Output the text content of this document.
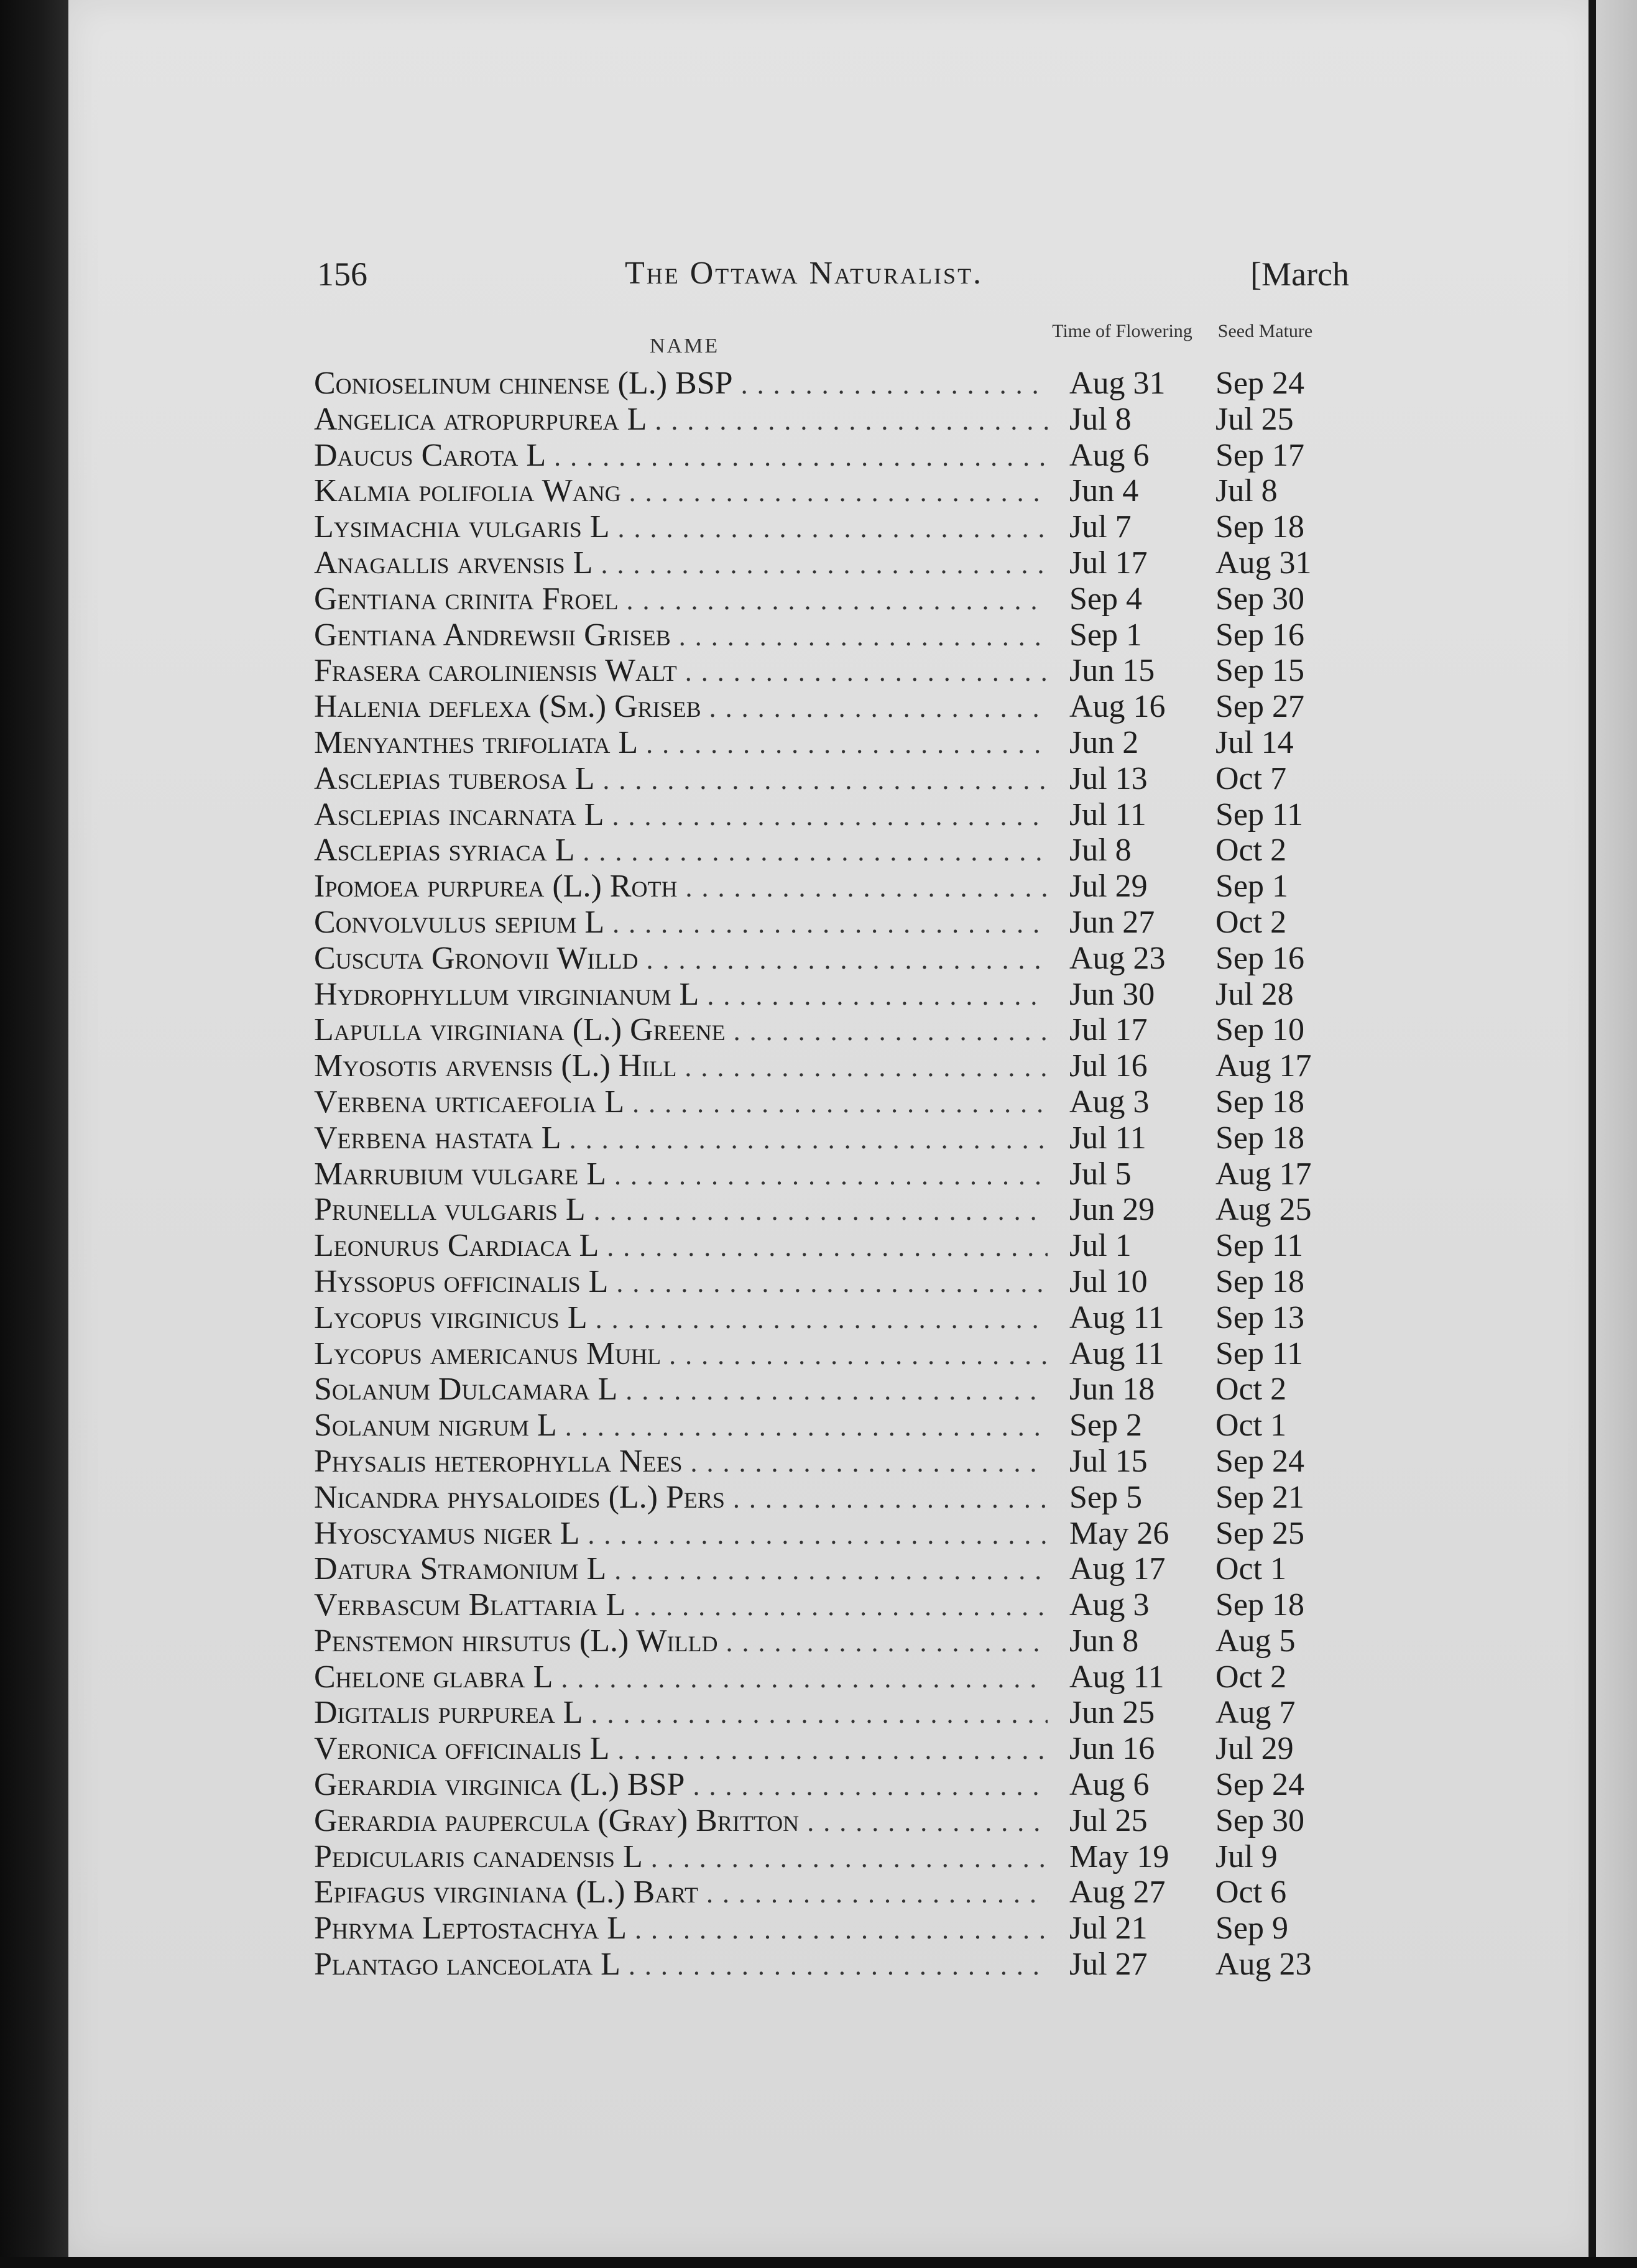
156	The Ottawa Naturalist.	[March
NAME
Time of Flowering	Seed Mature
Conioselinum chinense (L.) BSP . . .	Aug 31	Sep 24
Angelica atropurpurea L . . .	Jul 8	Jul 25
Daucus Carota L . . .	Aug 6	Sep 17
Kalmia polifolia Wang . . .	Jun 4	Jul 8
Lysimachia vulgaris L . . .	Jul 7	Sep 18
Anagallis arvensis L . . .	Jul 17	Aug 31
Gentiana crinita Froel . . .	Sep 4	Sep 30
Gentiana Andrewsii Griseb . . .	Sep 1	Sep 16
Frasera caroliniensis Walt . . .	Jun 15	Sep 15
Halenia deflexa (Sm.) Griseb . . .	Aug 16	Sep 27
Menyanthes trifoliata L . . .	Jun 2	Jul 14
Asclepias tuberosa L . . .	Jul 13	Oct 7
Asclepias incarnata L . . .	Jul 11	Sep 11
Asclepias syriaca L . . .	Jul 8	Oct 2
Ipomoea purpurea (L.) Roth . . .	Jul 29	Sep 1
Convolvulus sepium L . . .	Jun 27	Oct 2
Cuscuta Gronovii Willd . . .	Aug 23	Sep 16
Hydrophyllum virginianum L . . .	Jun 30	Jul 28
Lapulla virginiana (L.) Greene . . .	Jul 17	Sep 10
Myosotis arvensis (L.) Hill . . .	Jul 16	Aug 17
Verbena urticaefolia L . . .	Aug 3	Sep 18
Verbena hastata L . . .	Jul 11	Sep 18
Marrubium vulgare L . . .	Jul 5	Aug 17
Prunella vulgaris L . . .	Jun 29	Aug 25
Leonurus Cardiaca L . . .	Jul 1	Sep 11
Hyssopus officinalis L . . .	Jul 10	Sep 18
Lycopus virginicus L . . .	Aug 11	Sep 13
Lycopus americanus Muhl . . .	Aug 11	Sep 11
Solanum Dulcamara L . . .	Jun 18	Oct 2
Solanum nigrum L . . .	Sep 2	Oct 1
Physalis heterophylla Nees . . .	Jul 15	Sep 24
Nicandra physaloides (L.) Pers . . .	Sep 5	Sep 21
Hyoscyamus niger L . . .	May 26	Sep 25
Datura Stramonium L . . .	Aug 17	Oct 1
Verbascum Blattaria L . . .	Aug 3	Sep 18
Penstemon hirsutus (L.) Willd . . .	Jun 8	Aug 5
Chelone glabra L . . .	Aug 11	Oct 2
Digitalis purpurea L . . .	Jun 25	Aug 7
Veronica officinalis L . . .	Jun 16	Jul 29
Gerardia virginica (L.) BSP . . .	Aug 6	Sep 24
Gerardia paupercula (Gray) Britton . . .	Jul 25	Sep 30
Pedicularis canadensis L . . .	May 19	Jul 9
Epifagus virginiana (L.) Bart . . .	Aug 27	Oct 6
Phryma Leptostachya L . . .	Jul 21	Sep 9
Plantago lanceolata L . . .	Jul 27	Aug 23
